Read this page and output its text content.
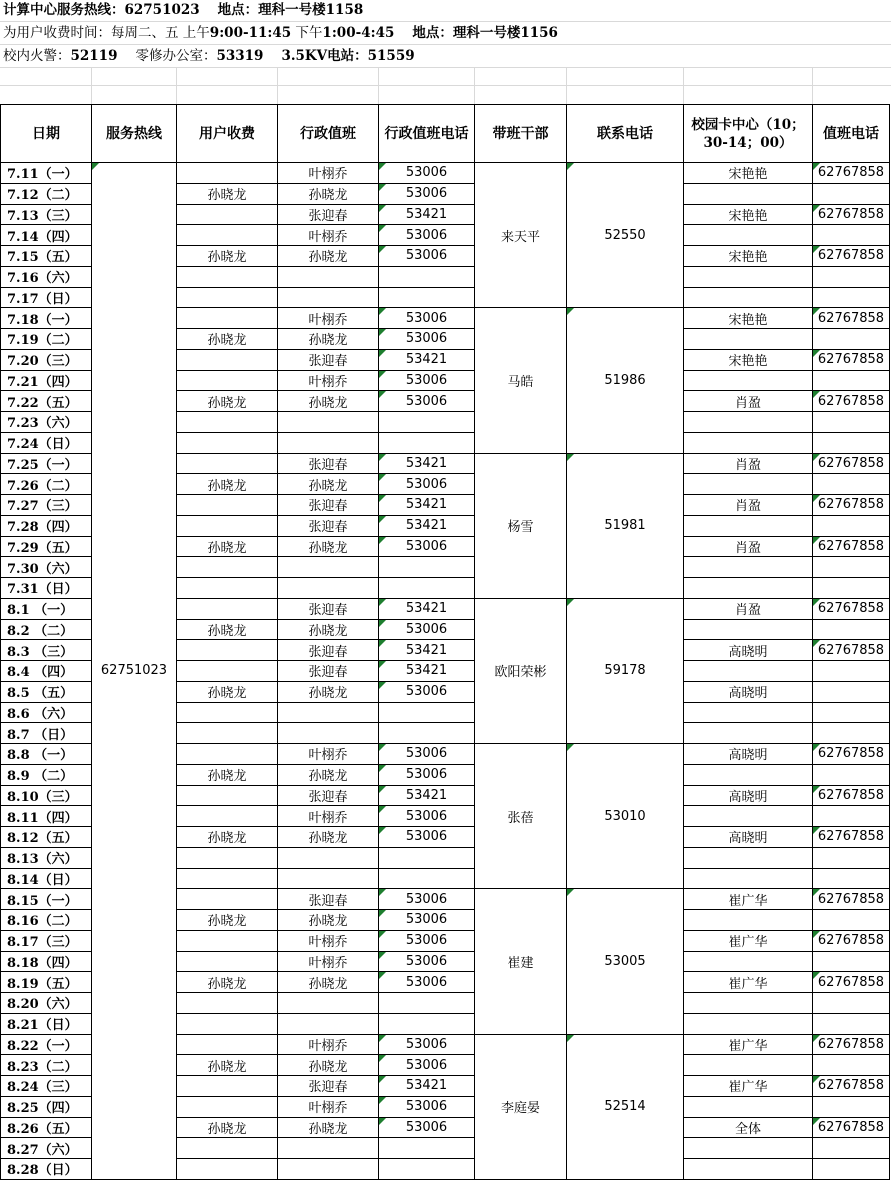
计算中心服务热线：62751023 地点：理科一号楼1158
为用户收费时间：每周二、五 上午9:00-11:45 下午1:00-4:45 地点：理科一号楼1156
校内火警：52119 零修办公室：53319 3.5KV电站：51559
日期	服务热线	用户收费	行政值班	行政值班电话	带班干部	联系电话	校园卡中心（10；30-14；00）	值班电话
7.11（一）	62751023		叶栩乔	53006	来天平	52550	宋艳艳	62767858
7.12（二）		孙晓龙	孙晓龙	53006				
7.13（三）			张迎春	53421			宋艳艳	62767858
7.14（四）			叶栩乔	53006				
7.15（五）		孙晓龙	孙晓龙	53006			宋艳艳	62767858
7.16（六）								
7.17（日）								
7.18（一）			叶栩乔	53006	马皓	51986	宋艳艳	62767858
7.19（二）		孙晓龙	孙晓龙	53006				
7.20（三）			张迎春	53421			宋艳艳	62767858
7.21（四）			叶栩乔	53006				
7.22（五）		孙晓龙	孙晓龙	53006			肖盈	62767858
7.23（六）								
7.24（日）								
7.25（一）			张迎春	53421	杨雪	51981	肖盈	62767858
7.26（二）		孙晓龙	孙晓龙	53006				
7.27（三）			张迎春	53421			肖盈	62767858
7.28（四）			张迎春	53421				
7.29（五）		孙晓龙	孙晓龙	53006			肖盈	62767858
7.30（六）								
7.31（日）								
8.1 （一）			张迎春	53421	欧阳荣彬	59178	肖盈	62767858
8.2 （二）		孙晓龙	孙晓龙	53006				
8.3 （三）			张迎春	53421			高晓明	62767858
8.4 （四）			张迎春	53421				
8.5 （五）		孙晓龙	孙晓龙	53006			高晓明	
8.6 （六）								
8.7 （日）								
8.8 （一）			叶栩乔	53006	张蓓	53010	高晓明	62767858
8.9 （二）		孙晓龙	孙晓龙	53006				
8.10（三）			张迎春	53421			高晓明	62767858
8.11（四）			叶栩乔	53006				
8.12（五）		孙晓龙	孙晓龙	53006			高晓明	62767858
8.13（六）								
8.14（日）								
8.15（一）			张迎春	53006	崔建	53005	崔广华	62767858
8.16（二）		孙晓龙	孙晓龙	53006				
8.17（三）			叶栩乔	53006			崔广华	62767858
8.18（四）			叶栩乔	53006				
8.19（五）		孙晓龙	孙晓龙	53006			崔广华	62767858
8.20（六）								
8.21（日）								
8.22（一）			叶栩乔	53006	李庭晏	52514	崔广华	62767858
8.23（二）		孙晓龙	孙晓龙	53006				
8.24（三）			张迎春	53421			崔广华	62767858
8.25（四）			叶栩乔	53006				
8.26（五）		孙晓龙	孙晓龙	53006			全体	62767858
8.27（六）								
8.28（日）								
